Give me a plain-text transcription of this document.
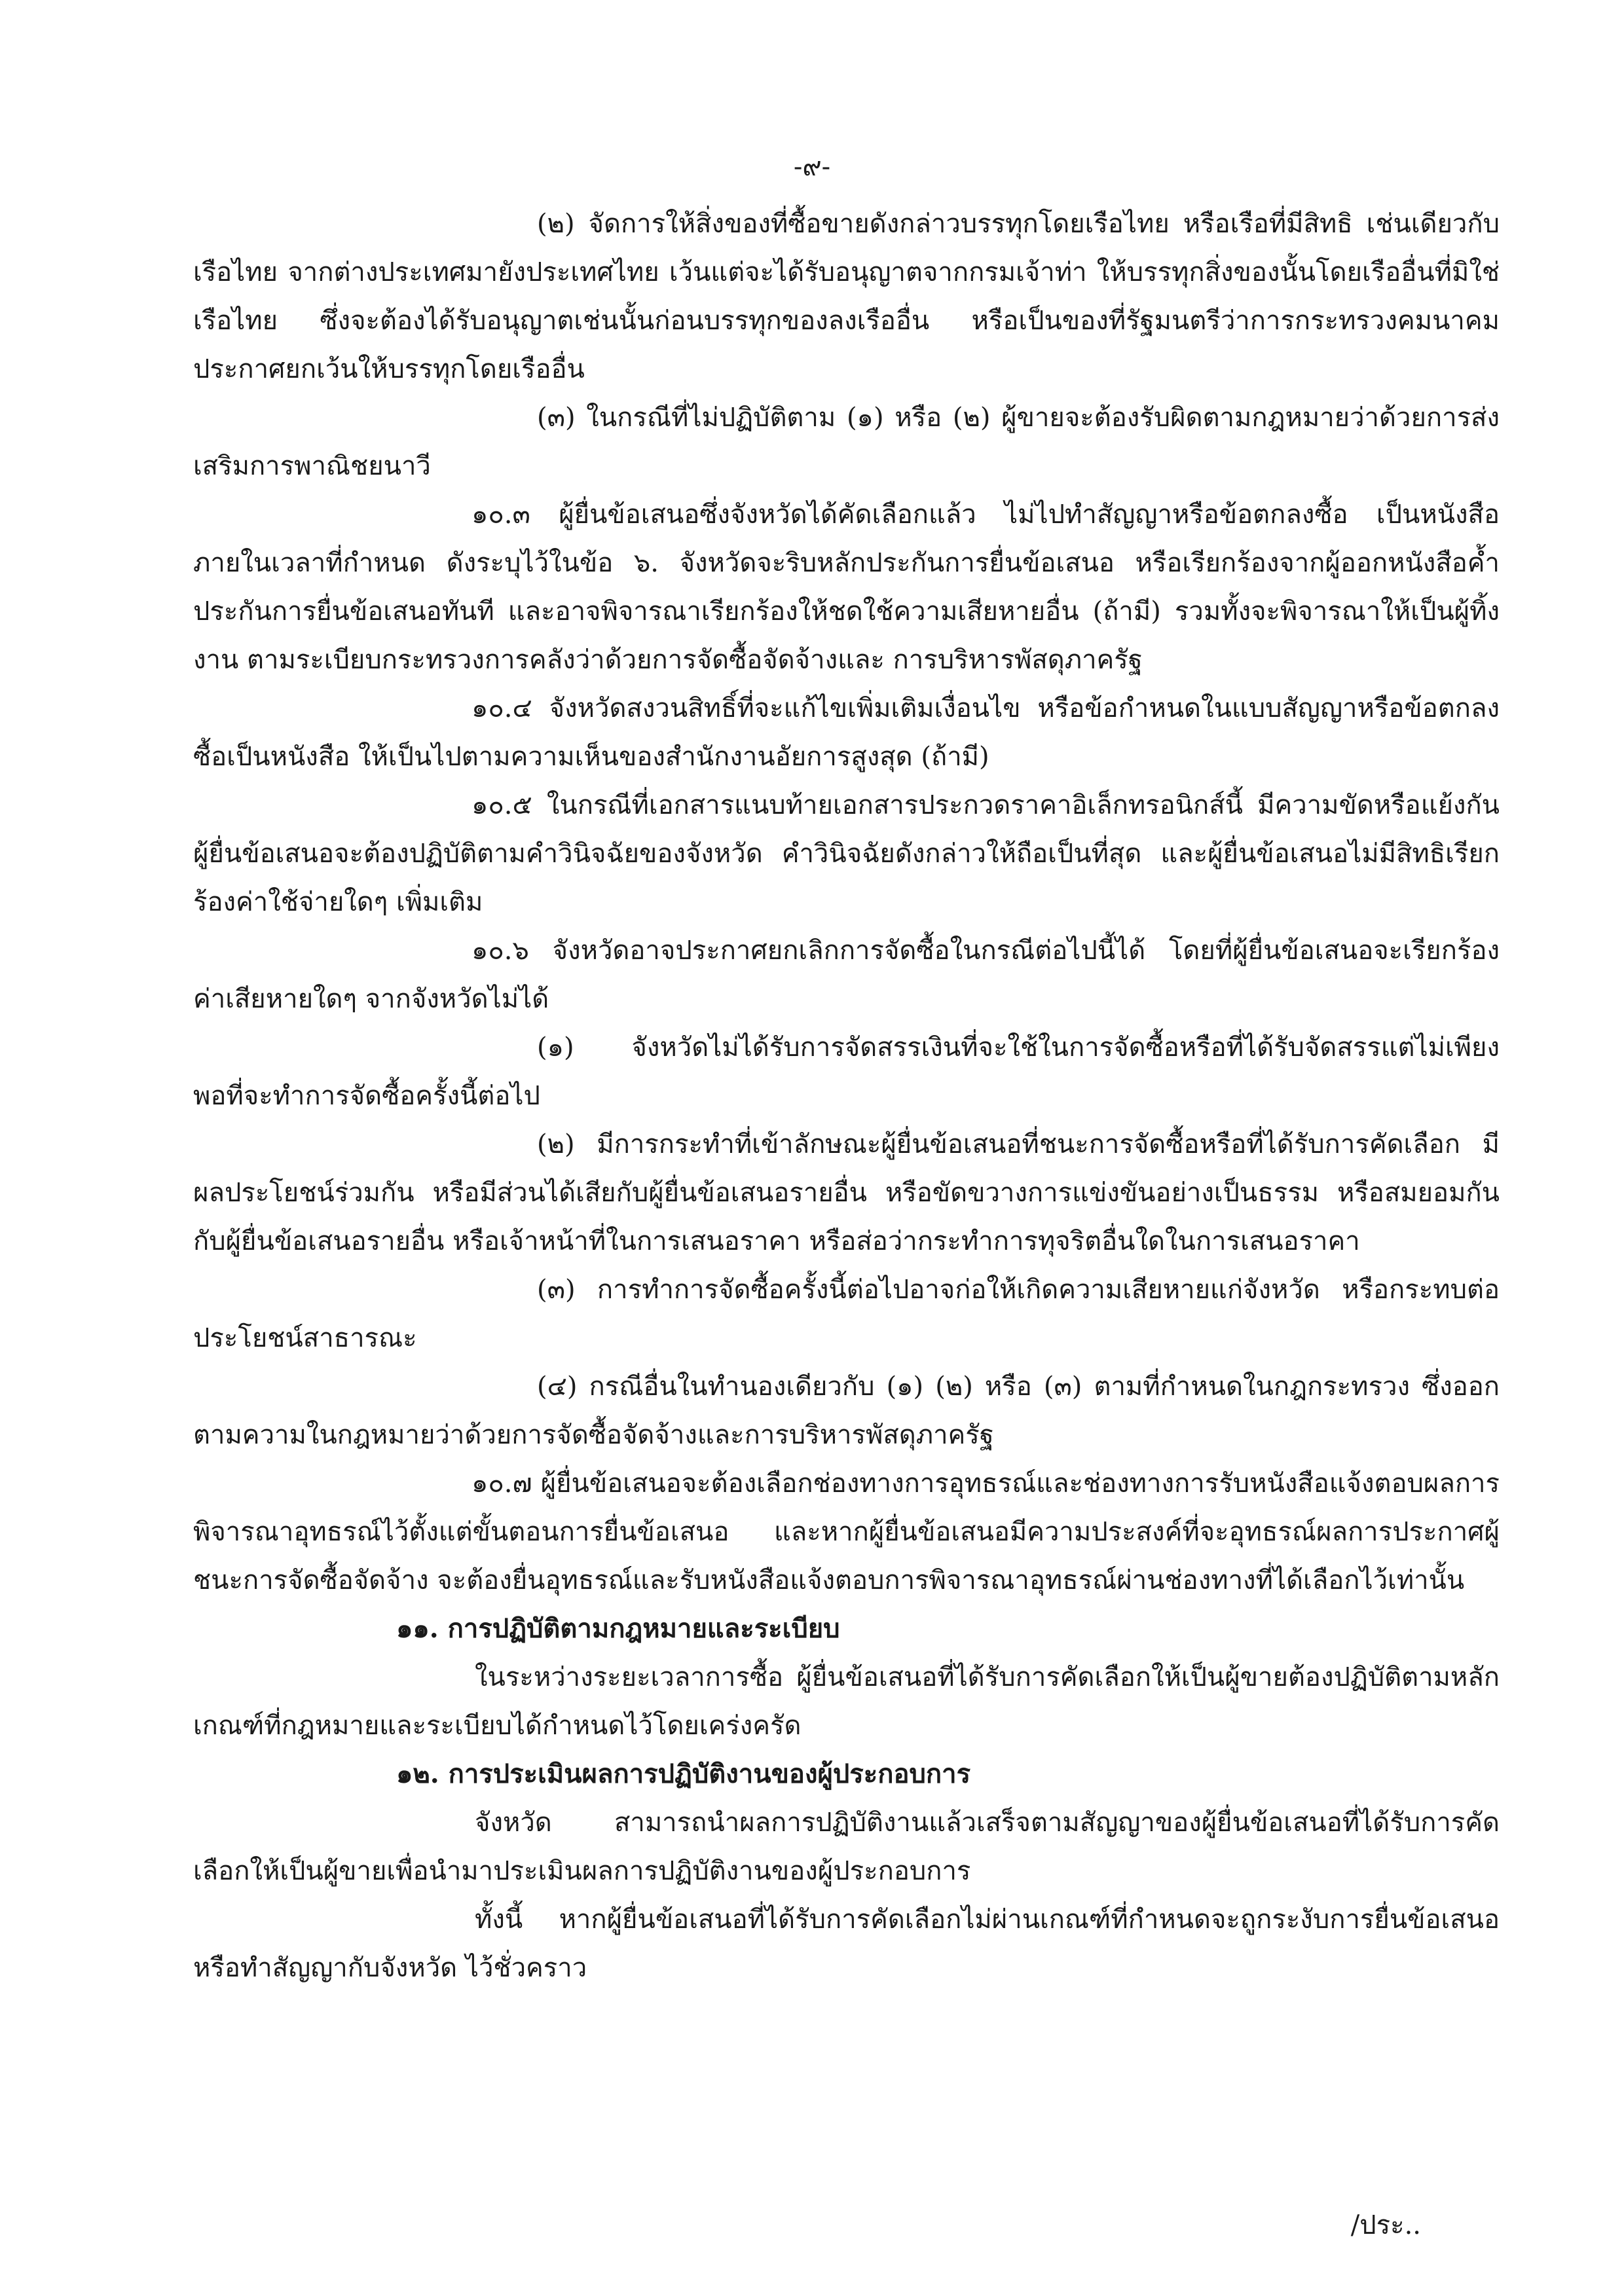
-๙-

(๒) จัดการให้สิ่งของที่ซื้อขายดังกล่าวบรรทุกโดยเรือไทย หรือเรือที่มีสิทธิ เช่นเดียวกับเรือไทย จากต่างประเทศมายังประเทศไทย เว้นแต่จะได้รับอนุญาตจากกรมเจ้าท่า ให้บรรทุกสิ่งของนั้นโดยเรืออื่นที่มิใช่เรือไทย ซึ่งจะต้องได้รับอนุญาตเช่นนั้นก่อนบรรทุกของลงเรืออื่น หรือเป็นของที่รัฐมนตรีว่าการกระทรวงคมนาคมประกาศยกเว้นให้บรรทุกโดยเรืออื่น

(๓) ในกรณีที่ไม่ปฏิบัติตาม (๑) หรือ (๒) ผู้ขายจะต้องรับผิดตามกฎหมายว่าด้วยการส่งเสริมการพาณิชยนาวี

๑๐.๓ ผู้ยื่นข้อเสนอซึ่งจังหวัดได้คัดเลือกแล้ว ไม่ไปทำสัญญาหรือข้อตกลงซื้อ เป็นหนังสือภายในเวลาที่กำหนด ดังระบุไว้ในข้อ ๖. จังหวัดจะริบหลักประกันการยื่นข้อเสนอ หรือเรียกร้องจากผู้ออกหนังสือค้ำประกันการยื่นข้อเสนอทันที และอาจพิจารณาเรียกร้องให้ชดใช้ความเสียหายอื่น (ถ้ามี) รวมทั้งจะพิจารณาให้เป็นผู้ทิ้งงาน ตามระเบียบกระทรวงการคลังว่าด้วยการจัดซื้อจัดจ้างและ การบริหารพัสดุภาครัฐ

๑๐.๔ จังหวัดสงวนสิทธิ์ที่จะแก้ไขเพิ่มเติมเงื่อนไข หรือข้อกำหนดในแบบสัญญาหรือข้อตกลงซื้อเป็นหนังสือ ให้เป็นไปตามความเห็นของสำนักงานอัยการสูงสุด (ถ้ามี)

๑๐.๕ ในกรณีที่เอกสารแนบท้ายเอกสารประกวดราคาอิเล็กทรอนิกส์นี้ มีความขัดหรือแย้งกัน ผู้ยื่นข้อเสนอจะต้องปฏิบัติตามคำวินิจฉัยของจังหวัด คำวินิจฉัยดังกล่าวให้ถือเป็นที่สุด และผู้ยื่นข้อเสนอไม่มีสิทธิเรียกร้องค่าใช้จ่ายใดๆ เพิ่มเติม

๑๐.๖ จังหวัดอาจประกาศยกเลิกการจัดซื้อในกรณีต่อไปนี้ได้ โดยที่ผู้ยื่นข้อเสนอจะเรียกร้องค่าเสียหายใดๆ จากจังหวัดไม่ได้

(๑) จังหวัดไม่ได้รับการจัดสรรเงินที่จะใช้ในการจัดซื้อหรือที่ได้รับจัดสรรแต่ไม่เพียงพอที่จะทำการจัดซื้อครั้งนี้ต่อไป

(๒) มีการกระทำที่เข้าลักษณะผู้ยื่นข้อเสนอที่ชนะการจัดซื้อหรือที่ได้รับการคัดเลือก มีผลประโยชน์ร่วมกัน หรือมีส่วนได้เสียกับผู้ยื่นข้อเสนอรายอื่น หรือขัดขวางการแข่งขันอย่างเป็นธรรม หรือสมยอมกันกับผู้ยื่นข้อเสนอรายอื่น หรือเจ้าหน้าที่ในการเสนอราคา หรือส่อว่ากระทำการทุจริตอื่นใดในการเสนอราคา

(๓) การทำการจัดซื้อครั้งนี้ต่อไปอาจก่อให้เกิดความเสียหายแก่จังหวัด หรือกระทบต่อประโยชน์สาธารณะ

(๔) กรณีอื่นในทำนองเดียวกับ (๑) (๒) หรือ (๓) ตามที่กำหนดในกฎกระทรวง ซึ่งออกตามความในกฎหมายว่าด้วยการจัดซื้อจัดจ้างและการบริหารพัสดุภาครัฐ

๑๐.๗ ผู้ยื่นข้อเสนอจะต้องเลือกช่องทางการอุทธรณ์และช่องทางการรับหนังสือแจ้งตอบผลการพิจารณาอุทธรณ์ไว้ตั้งแต่ขั้นตอนการยื่นข้อเสนอ และหากผู้ยื่นข้อเสนอมีความประสงค์ที่จะอุทธรณ์ผลการประกาศผู้ชนะการจัดซื้อจัดจ้าง จะต้องยื่นอุทธรณ์และรับหนังสือแจ้งตอบการพิจารณาอุทธรณ์ผ่านช่องทางที่ได้เลือกไว้เท่านั้น

๑๑. การปฏิบัติตามกฎหมายและระเบียบ

ในระหว่างระยะเวลาการซื้อ ผู้ยื่นข้อเสนอที่ได้รับการคัดเลือกให้เป็นผู้ขายต้องปฏิบัติตามหลักเกณฑ์ที่กฎหมายและระเบียบได้กำหนดไว้โดยเคร่งครัด

๑๒. การประเมินผลการปฏิบัติงานของผู้ประกอบการ

จังหวัด สามารถนำผลการปฏิบัติงานแล้วเสร็จตามสัญญาของผู้ยื่นข้อเสนอที่ได้รับการคัดเลือกให้เป็นผู้ขายเพื่อนำมาประเมินผลการปฏิบัติงานของผู้ประกอบการ

ทั้งนี้ หากผู้ยื่นข้อเสนอที่ได้รับการคัดเลือกไม่ผ่านเกณฑ์ที่กำหนดจะถูกระงับการยื่นข้อเสนอหรือทำสัญญากับจังหวัด ไว้ชั่วคราว

/ประ..
